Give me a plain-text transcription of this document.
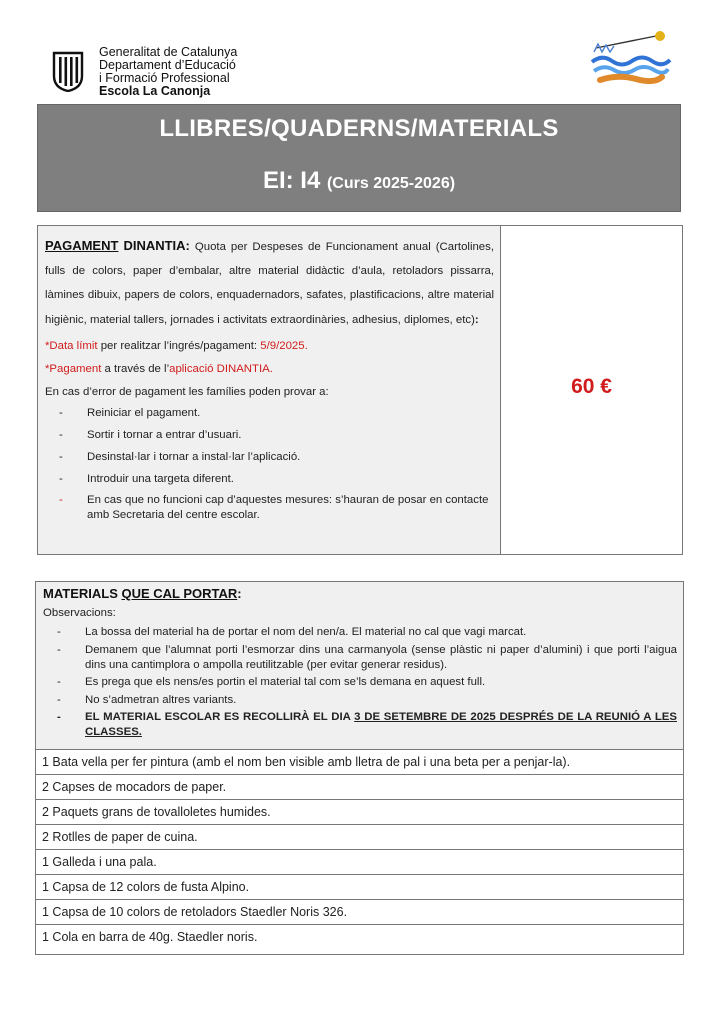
Generalitat de Catalunya
Departament d’Educació
i Formació Professional
Escola La Canonja
LLIBRES/QUADERNS/MATERIALS
EI: I4 (Curs 2025-2026)
PAGAMENT DINANTIA: Quota per Despeses de Funcionament anual (Cartolines, fulls de colors, paper d’embalar, altre material didàctic d’aula, retoladors pissarra, làmines dibuix, papers de colors, enquadernadors, safates, plastificacions, altre material higiènic, material tallers, jornades i activitats extraordinàries, adhesius, diplomes, etc):
*Data límit per realitzar l’ingrés/pagament: 5/9/2025.
*Pagament a través de l’aplicació DINANTIA.
En cas d’error de pagament les famílies poden provar a:
- Reiniciar el pagament.
- Sortir i tornar a entrar d’usuari.
- Desinstal·lar i tornar a instal·lar l’aplicació.
- Introduir una targeta diferent.
- En cas que no funcioni cap d’aquestes mesures: s’hauran de posar en contacte amb Secretaria del centre escolar.
60 €
MATERIALS QUE CAL PORTAR:
Observacions:
- La bossa del material ha de portar el nom del nen/a. El material no cal que vagi marcat.
- Demanem que l’alumnat porti l’esmorzar dins una carmanyola (sense plàstic ni paper d’alumini) i que porti l’aigua dins una cantimplora o ampolla reutilitzable (per evitar generar residus).
- Es prega que els nens/es portin el material tal com se’ls demana en aquest full.
- No s’admetran altres variants.
- EL MATERIAL ESCOLAR ES RECOLLIRÀ EL DIA 3 DE SETEMBRE DE 2025 DESPRÉS DE LA REUNIÓ A LES CLASSES.
1 Bata vella per fer pintura (amb el nom ben visible amb lletra de pal i una beta per a penjar-la).
2 Capses de mocadors de paper.
2 Paquets grans de tovalloletes humides.
2 Rotlles de paper de cuina.
1 Galleda i una pala.
1 Capsa de 12 colors de fusta Alpino.
1 Capsa de 10 colors de retoladors Staedler Noris 326.
1 Cola en barra de 40g. Staedler noris.
